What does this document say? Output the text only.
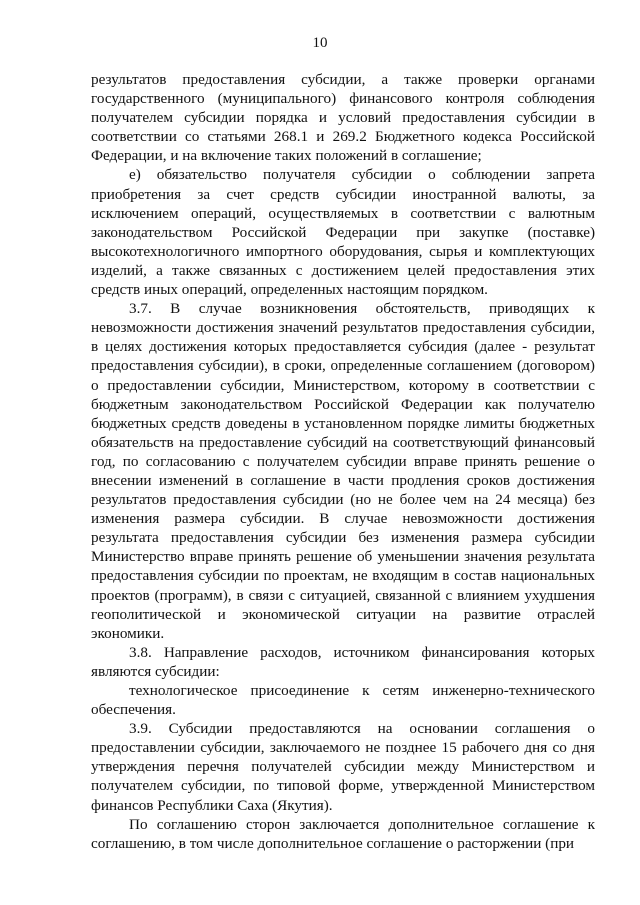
10

результатов предоставления субсидии, а также проверки органами государственного (муниципального) финансового контроля соблюдения получателем субсидии порядка и условий предоставления субсидии в соответствии со статьями 268.1 и 269.2 Бюджетного кодекса Российской Федерации, и на включение таких положений в соглашение;

е) обязательство получателя субсидии о соблюдении запрета приобретения за счет средств субсидии иностранной валюты, за исключением операций, осуществляемых в соответствии с валютным законодательством Российской Федерации при закупке (поставке) высокотехнологичного импортного оборудования, сырья и комплектующих изделий, а также связанных с достижением целей предоставления этих средств иных операций, определенных настоящим порядком.

3.7. В случае возникновения обстоятельств, приводящих к невозможности достижения значений результатов предоставления субсидии, в целях достижения которых предоставляется субсидия (далее - результат предоставления субсидии), в сроки, определенные соглашением (договором) о предоставлении субсидии, Министерством, которому в соответствии с бюджетным законодательством Российской Федерации как получателю бюджетных средств доведены в установленном порядке лимиты бюджетных обязательств на предоставление субсидий на соответствующий финансовый год, по согласованию с получателем субсидии вправе принять решение о внесении изменений в соглашение в части продления сроков достижения результатов предоставления субсидии (но не более чем на 24 месяца) без изменения размера субсидии. В случае невозможности достижения результата предоставления субсидии без изменения размера субсидии Министерство вправе принять решение об уменьшении значения результата предоставления субсидии по проектам, не входящим в состав национальных проектов (программ), в связи с ситуацией, связанной с влиянием ухудшения геополитической и экономической ситуации на развитие отраслей экономики.

3.8. Направление расходов, источником финансирования которых являются субсидии:

технологическое присоединение к сетям инженерно-технического обеспечения.

3.9. Субсидии предоставляются на основании соглашения о предоставлении субсидии, заключаемого не позднее 15 рабочего дня со дня утверждения перечня получателей субсидии между Министерством и получателем субсидии, по типовой форме, утвержденной Министерством финансов Республики Саха (Якутия).

По соглашению сторон заключается дополнительное соглашение к соглашению, в том числе дополнительное соглашение о расторжении (при
